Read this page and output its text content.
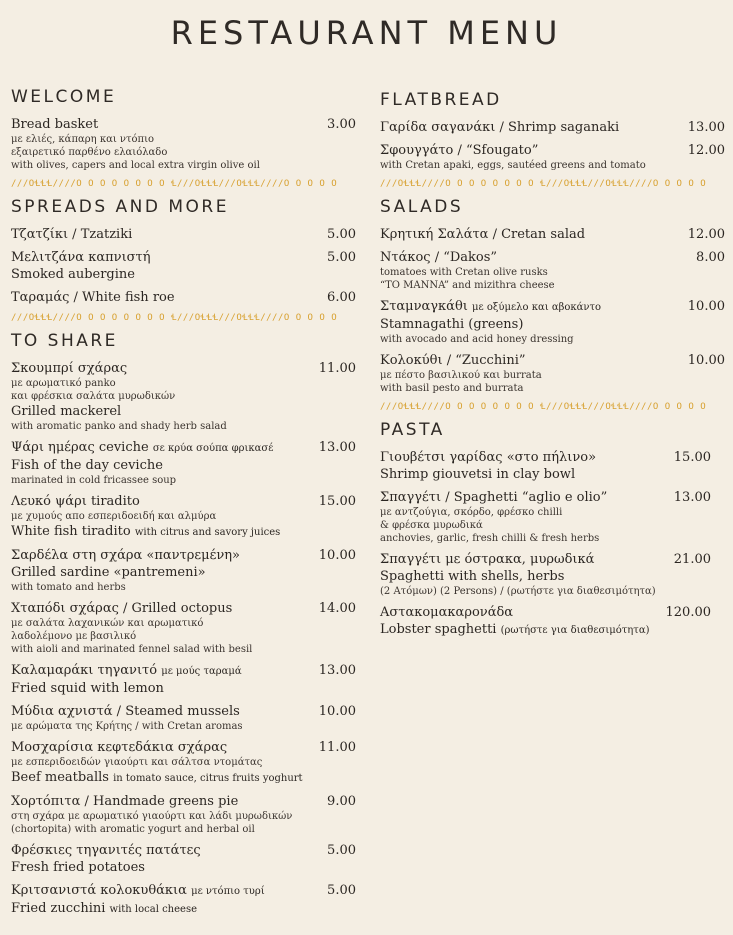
RESTAURANT MENU
WELCOME
Bread basket	3.00
με ελιές, κάπαρη και ντόπιο
εξαιρετικό παρθένο ελαιόλαδο
with olives, capers and local extra virgin olive oil
///OꞭꞭꞭ////O O O O O O O O Ɬ///OꞭꞭꞭ///OꞭꞭꞭ////O O O O O
SPREADS AND MORE
Τζατζίκι / Tzatziki	5.00
Μελιτζάνα καπνιστή	5.00
Smoked aubergine
Ταραμάς / White fish roe	6.00
///OꞭꞭꞭ////O O O O O O O O Ɬ///OꞭꞭꞭ///OꞭꞭꞭ////O O O O O
TO SHARE
Σκουμπρί σχάρας	11.00
με αρωματικό panko
και φρέσκια σαλάτα μυρωδικών
Grilled mackerel
with aromatic panko and shady herb salad
Ψάρι ημέρας ceviche σε κρύα σούπα φρικασέ	13.00
Fish of the day ceviche
marinated in cold fricassee soup
Λευκό ψάρι tiradito	15.00
με χυμούς απο εσπεριδοειδή και αλμύρα
White fish tiradito with citrus and savory juices
Σαρδέλα στη σχάρα «παντρεμένη»	10.00
Grilled sardine «pantremeni»
with tomato and herbs
Χταπόδι σχάρας / Grilled octopus	14.00
με σαλάτα λαχανικών και αρωματικό
λαδολέμονο με βασιλικό
with aioli and marinated fennel salad with besil
Καλαμαράκι τηγανιτό με μούς ταραμά	13.00
Fried squid with lemon
Μύδια αχνιστά / Steamed mussels	10.00
με αρώματα της Κρήτης / with Cretan aromas
Μοσχαρίσια κεφτεδάκια σχάρας	11.00
με εσπεριδοειδών γιαούρτι και σάλτσα ντομάτας
Beef meatballs in tomato sauce, citrus fruits yoghurt
Χορτόπιτα / Handmade greens pie	9.00
στη σχάρα με αρωματικό γιαούρτι και λάδι μυρωδικών
(chortopita) with aromatic yogurt and herbal oil
Φρέσκιες τηγανιτές πατάτες	5.00
Fresh fried potatoes
Κριτσανιστά κολοκυθάκια με ντόπιο τυρί	5.00
Fried zucchini with local cheese
FLATBREAD
Γαρίδα σαγανάκι / Shrimp saganaki	13.00
Σφουγγάτο / “Sfougato”	12.00
with Cretan apaki, eggs, sautéed greens and tomato
///OꞭꞭꞭ////O O O O O O O O Ɬ///OꞭꞭꞭ///OꞭꞭꞭ////O O O O O
SALADS
Κρητική Σαλάτα / Cretan salad	12.00
Ντάκος / “Dakos”	8.00
tomatoes with Cretan olive rusks
“TO MANNA” and mizithra cheese
Σταμναγκάθι με οξύμελο και αβοκάντο	10.00
Stamnagathi (greens)
with avocado and acid honey dressing
Κολοκύθι / “Zucchini”	10.00
με πέστο βασιλικού και burrata
with basil pesto and burrata
///OꞭꞭꞭ////O O O O O O O O Ɬ///OꞭꞭꞭ///OꞭꞭꞭ////O O O O O
PASTA
Γιουβέτσι γαρίδας «στο πήλινο»	15.00
Shrimp giouvetsi in clay bowl
Σπαγγέτι / Spaghetti “aglio e olio”	13.00
με αντζούγια, σκόρδο, φρέσκο chilli
& φρέσκα μυρωδικά
anchovies, garlic, fresh chilli & fresh herbs
Σπαγγέτι με όστρακα, μυρωδικά	21.00
Spaghetti with shells, herbs
(2 Ατόμων) (2 Persons) / (ρωτήστε για διαθεσιμότητα)
Αστακομακαρονάδα	120.00
Lobster spaghetti (ρωτήστε για διαθεσιμότητα)
